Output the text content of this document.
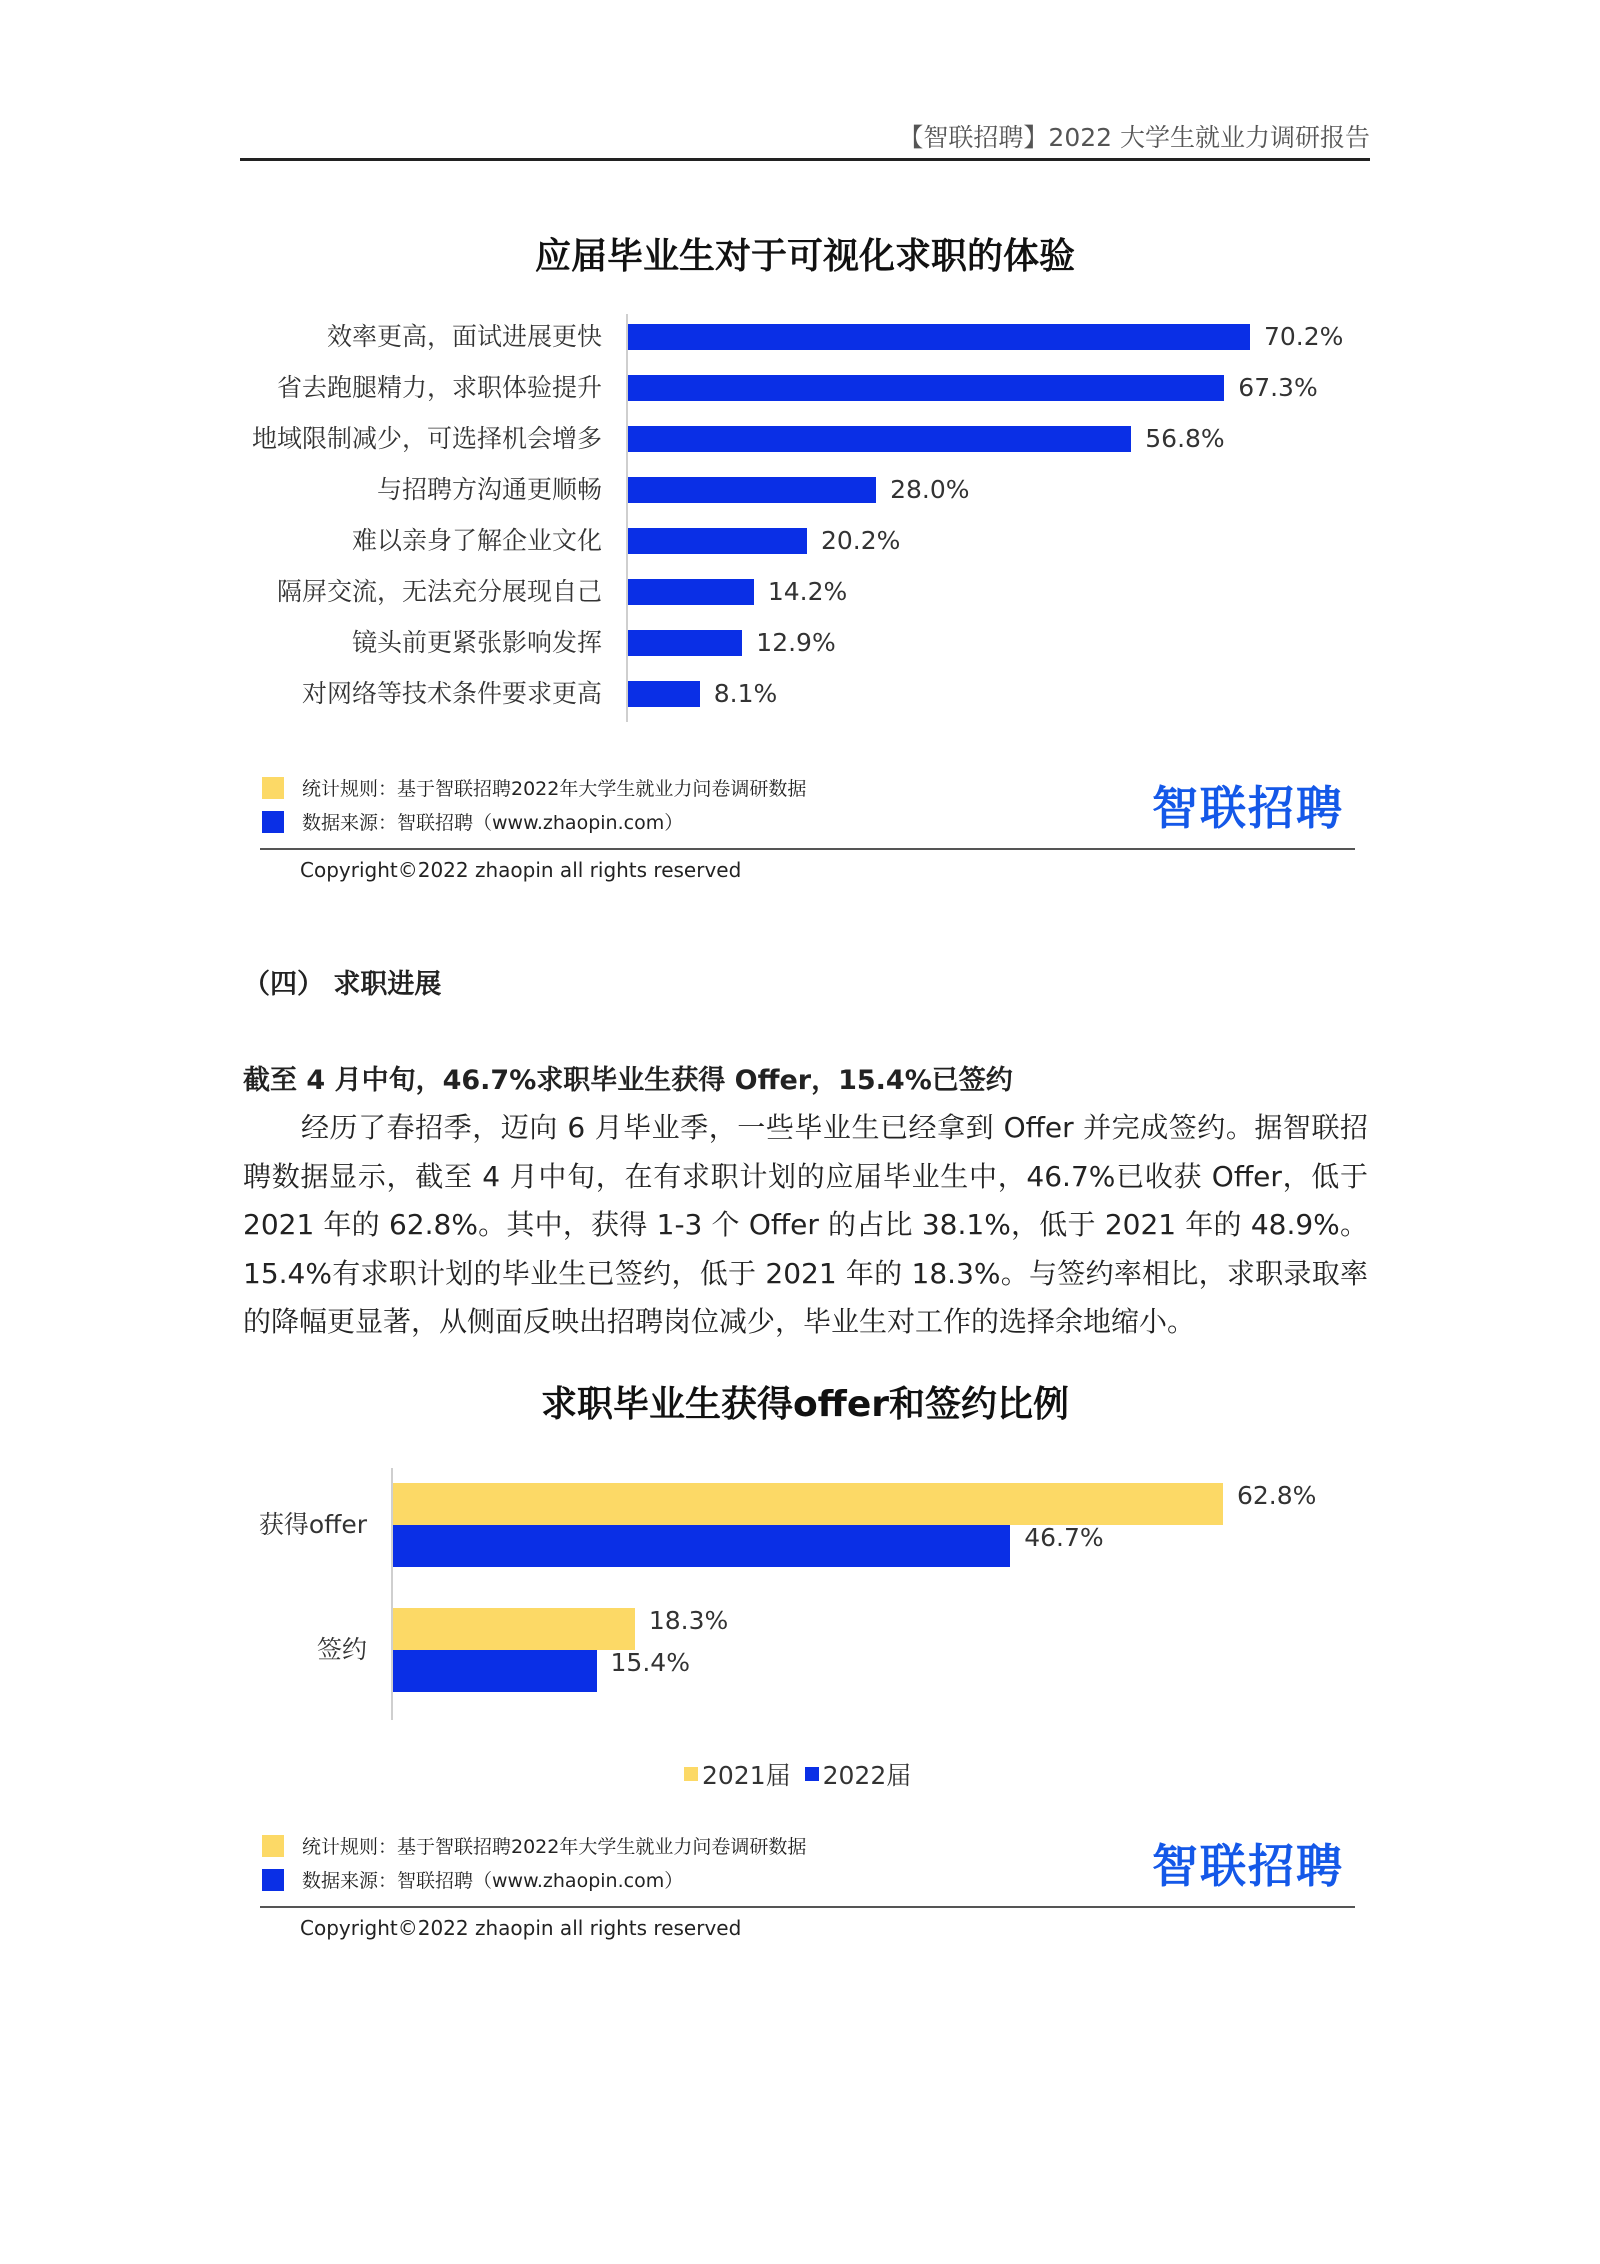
【智联招聘】2022 大学生就业力调研报告
应届毕业生对于可视化求职的体验
效率更高，面试进展更快	70.2%
省去跑腿精力，求职体验提升	67.3%
地域限制减少，可选择机会增多	56.8%
与招聘方沟通更顺畅	28.0%
难以亲身了解企业文化	20.2%
隔屏交流，无法充分展现自己	14.2%
镜头前更紧张影响发挥	12.9%
对网络等技术条件要求更高	8.1%
统计规则：基于智联招聘2022年大学生就业力问卷调研数据
数据来源：智联招聘（www.zhaopin.com）	智联招聘
Copyright©2022 zhaopin all rights reserved
（四） 求职进展
截至 4 月中旬，46.7%求职毕业生获得 Offer，15.4%已签约
经历了春招季，迈向 6 月毕业季，一些毕业生已经拿到 Offer 并完成签约。据智联招聘数据显示，截至 4 月中旬，在有求职计划的应届毕业生中，46.7%已收获 Offer，低于 2021 年的 62.8%。其中，获得 1-3 个 Offer 的占比 38.1%，低于 2021 年的 48.9%。15.4%有求职计划的毕业生已签约，低于 2021 年的 18.3%。与签约率相比，求职录取率的降幅更显著，从侧面反映出招聘岗位减少，毕业生对工作的选择余地缩小。
求职毕业生获得offer和签约比例
获得offer
62.8%
46.7%
签约
18.3%
15.4%
2021届 2022届
统计规则：基于智联招聘2022年大学生就业力问卷调研数据
数据来源：智联招聘（www.zhaopin.com）	智联招聘
Copyright©2022 zhaopin all rights reserved
